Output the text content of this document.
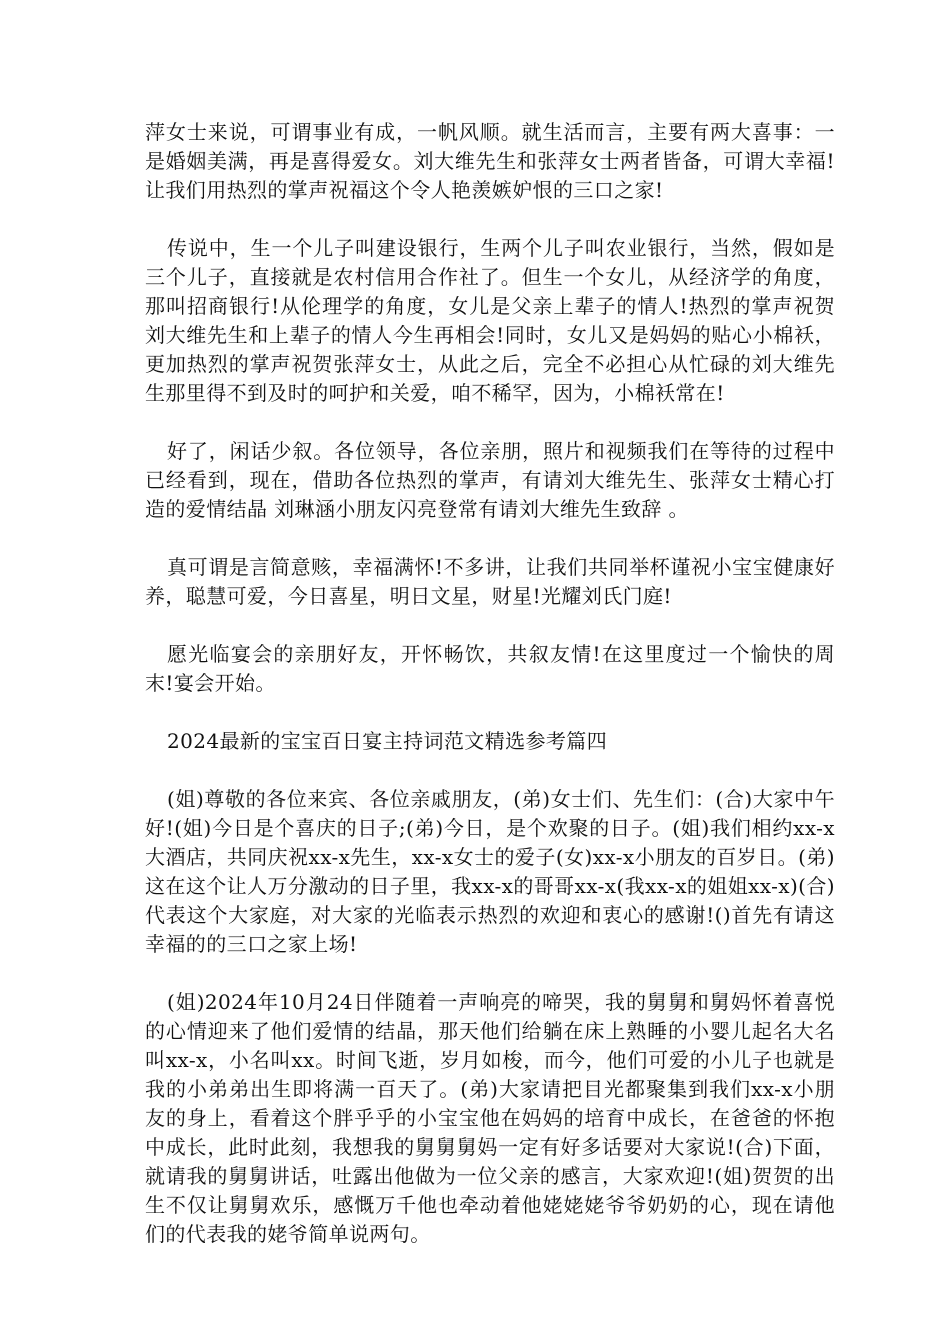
萍女士来说，可谓事业有成，一帆风顺。就生活而言，主要有两大喜事：一是婚姻美满，再是喜得爱女。刘大维先生和张萍女士两者皆备，可谓大幸福!让我们用热烈的掌声祝福这个令人艳羡嫉妒恨的三口之家!

传说中，生一个儿子叫建设银行，生两个儿子叫农业银行，当然，假如是三个儿子，直接就是农村信用合作社了。但生一个女儿，从经济学的角度，那叫招商银行!从伦理学的角度，女儿是父亲上辈子的情人!热烈的掌声祝贺刘大维先生和上辈子的情人今生再相会!同时，女儿又是妈妈的贴心小棉袄，更加热烈的掌声祝贺张萍女士，从此之后，完全不必担心从忙碌的刘大维先生那里得不到及时的呵护和关爱，咱不稀罕，因为，小棉袄常在!

好了，闲话少叙。各位领导，各位亲朋，照片和视频我们在等待的过程中已经看到，现在，借助各位热烈的掌声，有请刘大维先生、张萍女士精心打造的爱情结晶 刘琳涵小朋友闪亮登常有请刘大维先生致辞 。

真可谓是言简意赅，幸福满怀!不多讲，让我们共同举杯谨祝小宝宝健康好养，聪慧可爱，今日喜星，明日文星，财星!光耀刘氏门庭!

愿光临宴会的亲朋好友，开怀畅饮，共叙友情!在这里度过一个愉快的周末!宴会开始。

2024最新的宝宝百日宴主持词范文精选参考篇四

(姐)尊敬的各位来宾、各位亲戚朋友，(弟)女士们、先生们：(合)大家中午好!(姐)今日是个喜庆的日子;(弟)今日，是个欢聚的日子。(姐)我们相约xx-x大酒店，共同庆祝xx-x先生，xx-x女士的爱子(女)xx-x小朋友的百岁日。(弟)这在这个让人万分激动的日子里，我xx-x的哥哥xx-x(我xx-x的姐姐xx-x)(合)代表这个大家庭，对大家的光临表示热烈的欢迎和衷心的感谢!()首先有请这幸福的的三口之家上场!

(姐)2024年10月24日伴随着一声响亮的啼哭，我的舅舅和舅妈怀着喜悦的心情迎来了他们爱情的结晶，那天他们给躺在床上熟睡的小婴儿起名大名叫xx-x，小名叫xx。时间飞逝，岁月如梭，而今，他们可爱的小儿子也就是我的小弟弟出生即将满一百天了。(弟)大家请把目光都聚集到我们xx-x小朋友的身上，看着这个胖乎乎的小宝宝他在妈妈的培育中成长，在爸爸的怀抱中成长，此时此刻，我想我的舅舅舅妈一定有好多话要对大家说!(合)下面，就请我的舅舅讲话，吐露出他做为一位父亲的感言，大家欢迎!(姐)贺贺的出生不仅让舅舅欢乐，感慨万千他也牵动着他姥姥姥爷爷奶奶的心，现在请他们的代表我的姥爷简单说两句。
